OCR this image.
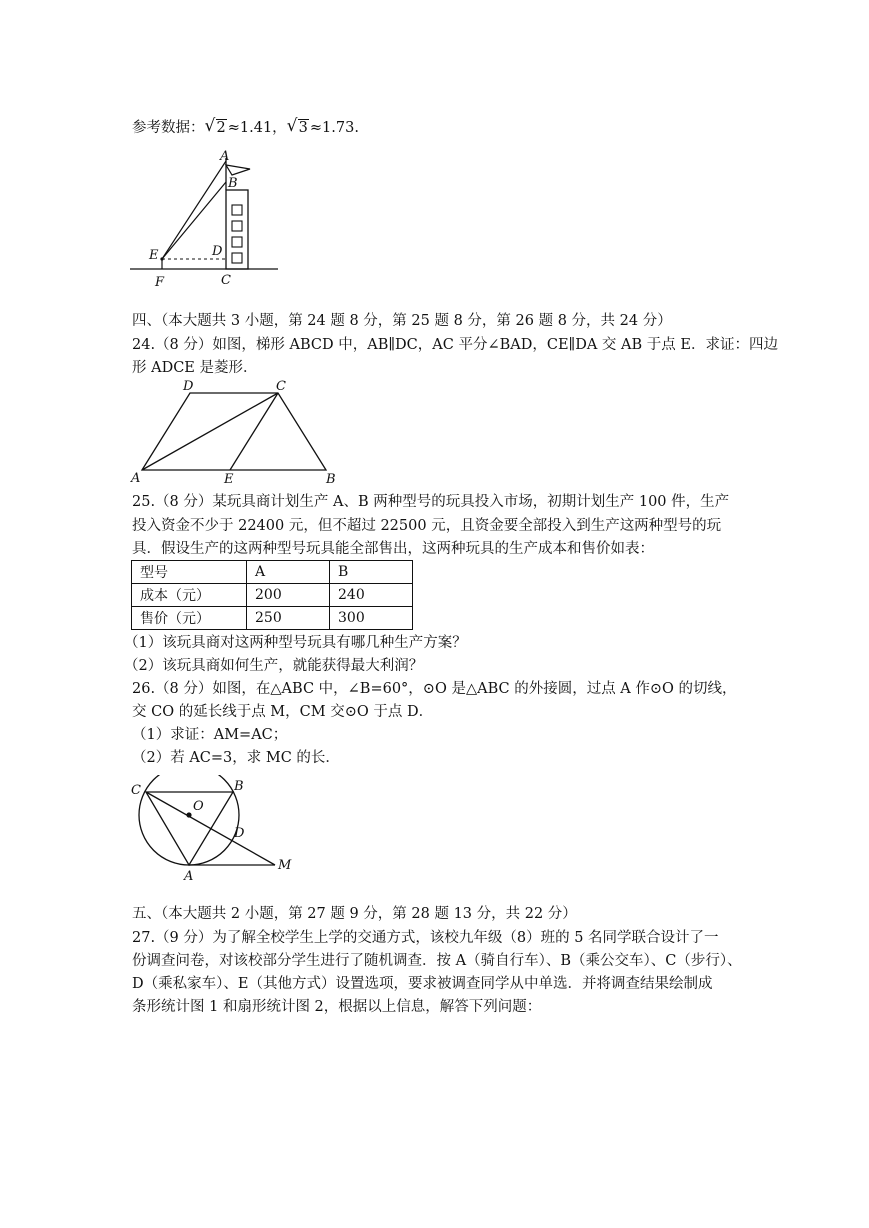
参考数据： √ 2 ≈1.41， √ 3 ≈1.73.
A
B
D
E
F	C
四、（本大题共 3 小题，第 24 题 8 分，第 25 题 8 分，第 26 题 8 分，共 24 分）
24.（8 分）如图，梯形 ABCD 中，AB∥DC，AC 平分∠BAD，CE∥DA 交 AB 于点 E．求证：四边
形 ADCE 是菱形．
D	C
A	E	B
25.（8 分）某玩具商计划生产 A、B 两种型号的玩具投入市场，初期计划生产 100 件，生产
投入资金不少于 22400 元，但不超过 22500 元，且资金要全部投入到生产这两种型号的玩
具．假设生产的这两种型号玩具能全部售出，这两种玩具的生产成本和售价如表：
型号	A	B
成本（元）	200	240
售价（元）	250	300
（1）该玩具商对这两种型号玩具有哪几种生产方案？
（2）该玩具商如何生产，就能获得最大利润？
26.（8 分）如图，在△ABC 中，∠B=60°，⊙O 是△ABC 的外接圆，过点 A 作⊙O 的切线，
交 CO 的延长线于点 M，CM 交⊙O 于点 D．
（1）求证：AM=AC；
（2）若 AC=3，求 MC 的长．
C	B
O
D
A
M
五、（本大题共 2 小题，第 27 题 9 分，第 28 题 13 分，共 22 分）
27.（9 分）为了解全校学生上学的交通方式，该校九年级（8）班的 5 名同学联合设计了一
份调查问卷，对该校部分学生进行了随机调查．按 A（骑自行车）、B（乘公交车）、C（步行）、
D（乘私家车）、E（其他方式）设置选项，要求被调查同学从中单选．并将调查结果绘制成
条形统计图 1 和扇形统计图 2，根据以上信息，解答下列问题：
